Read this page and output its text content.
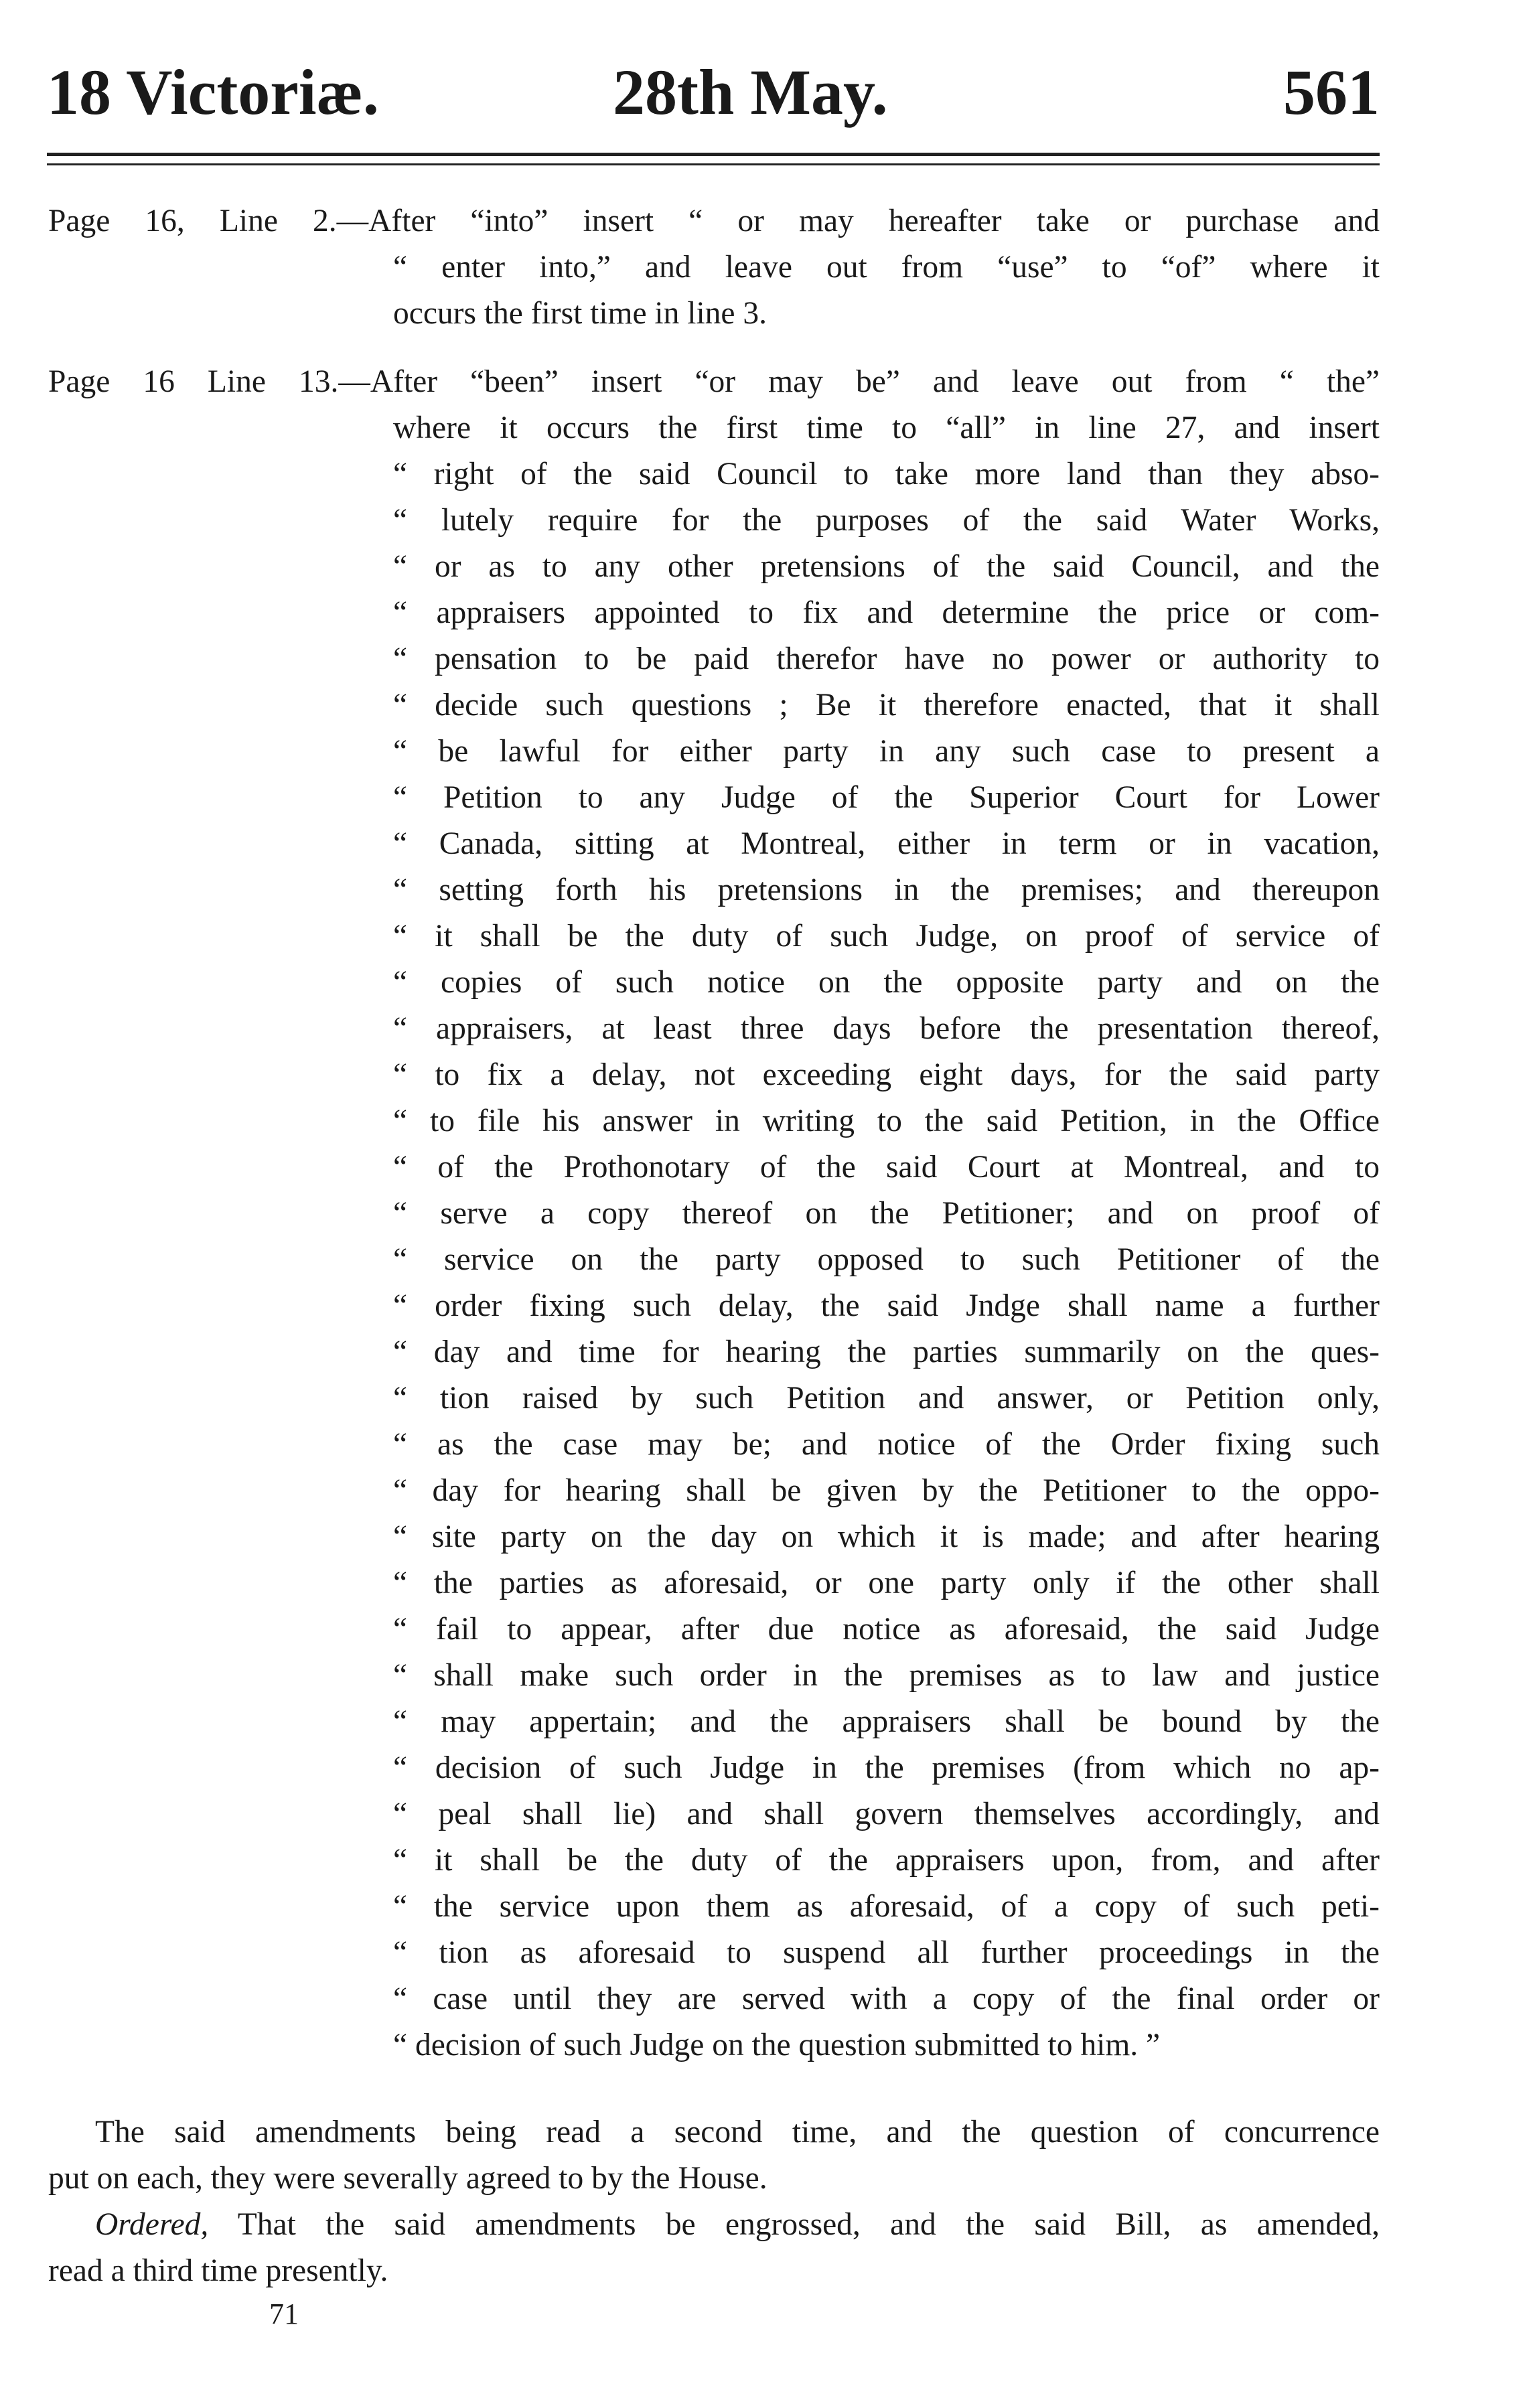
18 Victoriæ.	28th May.	561
Page 16, Line 2.—After “into” insert “ or may hereafter take or purchase and
“ enter into,” and leave out from “use” to “of” where it
occurs the first time in line 3.
Page 16 Line 13.—After “been” insert “or may be” and leave out from “ the”
where it occurs the first time to “all” in line 27, and insert
“ right of the said Council to take more land than they abso-
“ lutely require for the purposes of the said Water Works,
“ or as to any other pretensions of the said Council, and the
“ appraisers appointed to fix and determine the price or com-
“ pensation to be paid therefor have no power or authority to
“ decide such questions ; Be it therefore enacted, that it shall
“ be lawful for either party in any such case to present a
“ Petition to any Judge of the Superior Court for Lower
“ Canada, sitting at Montreal, either in term or in vacation,
“ setting forth his pretensions in the premises; and thereupon
“ it shall be the duty of such Judge, on proof of service of
“ copies of such notice on the opposite party and on the
“ appraisers, at least three days before the presentation thereof,
“ to fix a delay, not exceeding eight days, for the said party
“ to file his answer in writing to the said Petition, in the Office
“ of the Prothonotary of the said Court at Montreal, and to
“ serve a copy thereof on the Petitioner; and on proof of
“ service on the party opposed to such Petitioner of the
“ order fixing such delay, the said Jndge shall name a further
“ day and time for hearing the parties summarily on the ques-
“ tion raised by such Petition and answer, or Petition only,
“ as the case may be; and notice of the Order fixing such
“ day for hearing shall be given by the Petitioner to the oppo-
“ site party on the day on which it is made; and after hearing
“ the parties as aforesaid, or one party only if the other shall
“ fail to appear, after due notice as aforesaid, the said Judge
“ shall make such order in the premises as to law and justice
“ may appertain; and the appraisers shall be bound by the
“ decision of such Judge in the premises (from which no ap-
“ peal shall lie) and shall govern themselves accordingly, and
“ it shall be the duty of the appraisers upon, from, and after
“ the service upon them as aforesaid, of a copy of such peti-
“ tion as aforesaid to suspend all further proceedings in the
“ case until they are served with a copy of the final order or
“ decision of such Judge on the question submitted to him. ”
The said amendments being read a second time, and the question of concurrence
put on each, they were severally agreed to by the House.
Ordered, That the said amendments be engrossed, and the said Bill, as amended,
read a third time presently.
71
